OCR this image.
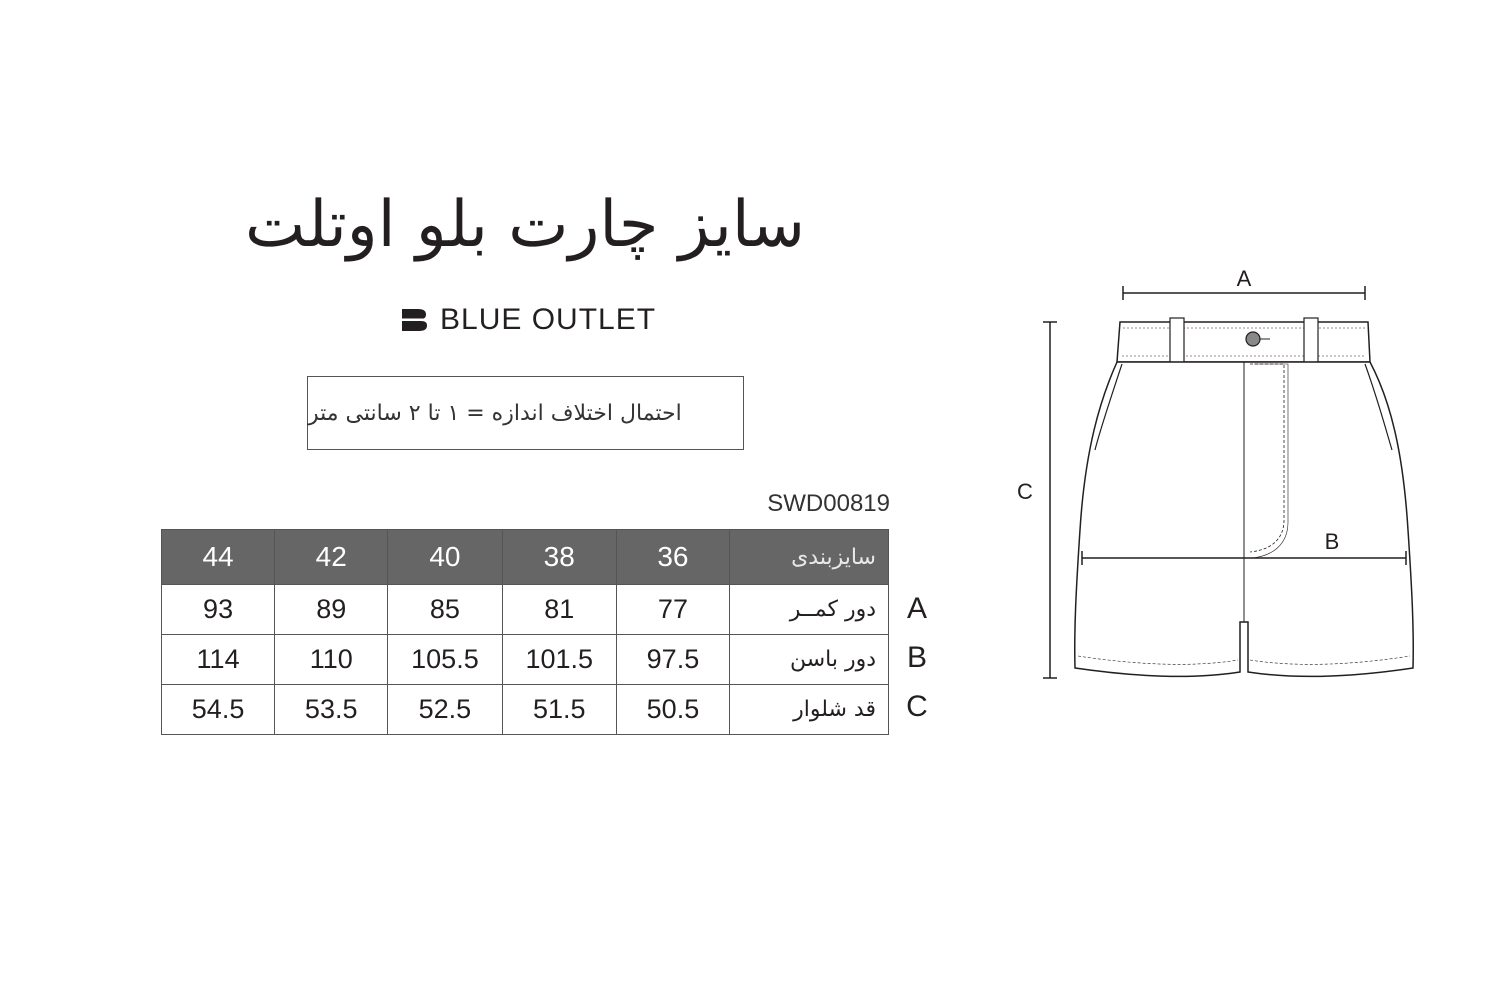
سایز چارت بلو اوتلت
BLUE OUTLET
احتمال اختلاف اندازه = ۱ تا ۲ سانتی متر
SWD00819
44	42	40	38	36	سایزبندی
93	89	85	81	77	دور کمــر
114	110	105.5	101.5	97.5	دور باسن
54.5	53.5	52.5	51.5	50.5	قد شلوار
A
B
C
A
C
B
